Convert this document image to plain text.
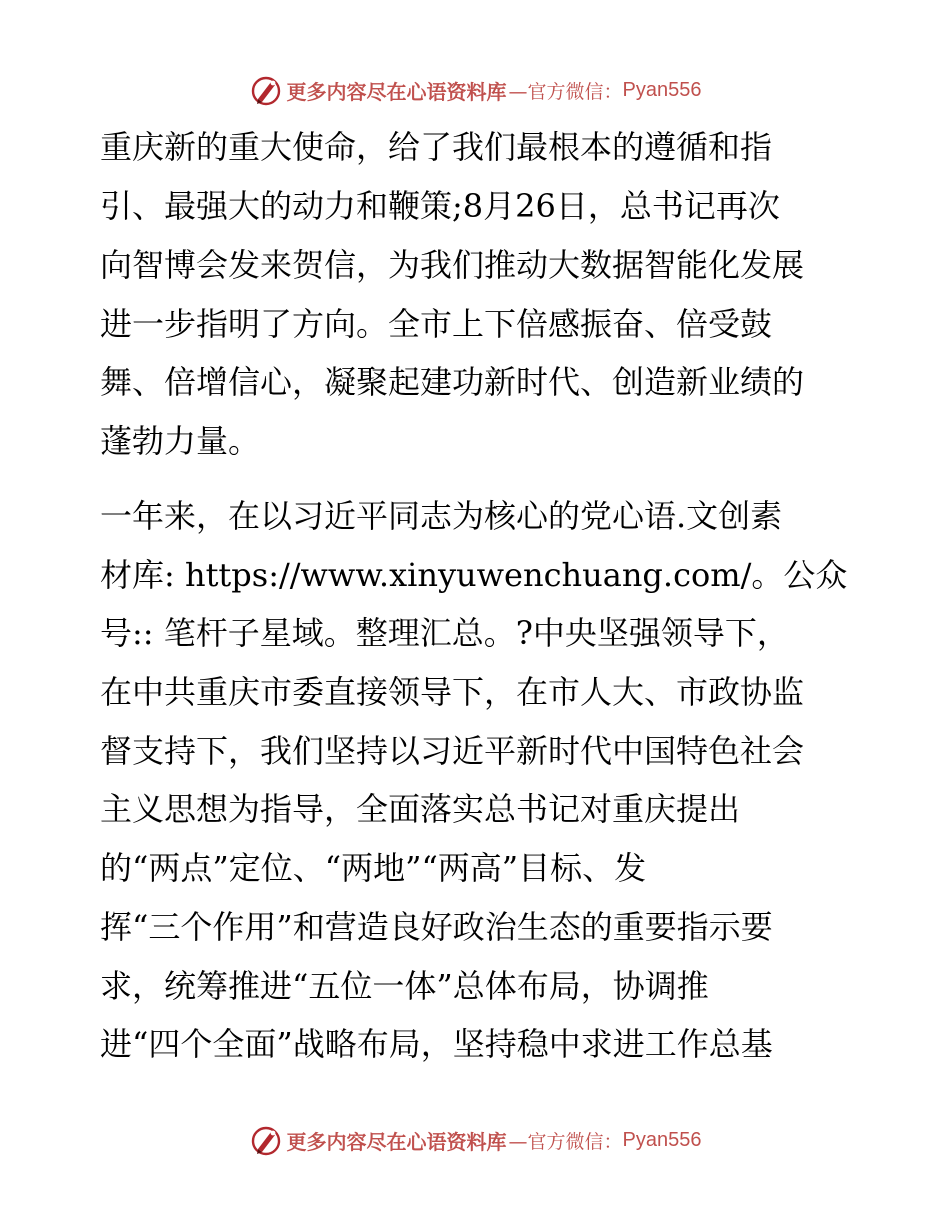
更多内容尽在心语资料库 —官方微信： Pyan556
重庆新的重大使命，给了我们最根本的遵循和指
引、最强大的动力和鞭策;8月26日，总书记再次
向智博会发来贺信，为我们推动大数据智能化发展
进一步指明了方向。全市上下倍感振奋、倍受鼓
舞、倍增信心，凝聚起建功新时代、创造新业绩的
蓬勃力量。
一年来，在以习近平同志为核心的党心语.文创素
材库: https://www.xinyuwenchuang.com/。公众
号:: 笔杆子星域。整理汇总。?中央坚强领导下，
在中共重庆市委直接领导下，在市人大、市政协监
督支持下，我们坚持以习近平新时代中国特色社会
主义思想为指导，全面落实总书记对重庆提出
的“两点”定位、“两地”“两高”目标、发
挥“三个作用”和营造良好政治生态的重要指示要
求，统筹推进“五位一体”总体布局，协调推
进“四个全面”战略布局，坚持稳中求进工作总基
更多内容尽在心语资料库 —官方微信： Pyan556
